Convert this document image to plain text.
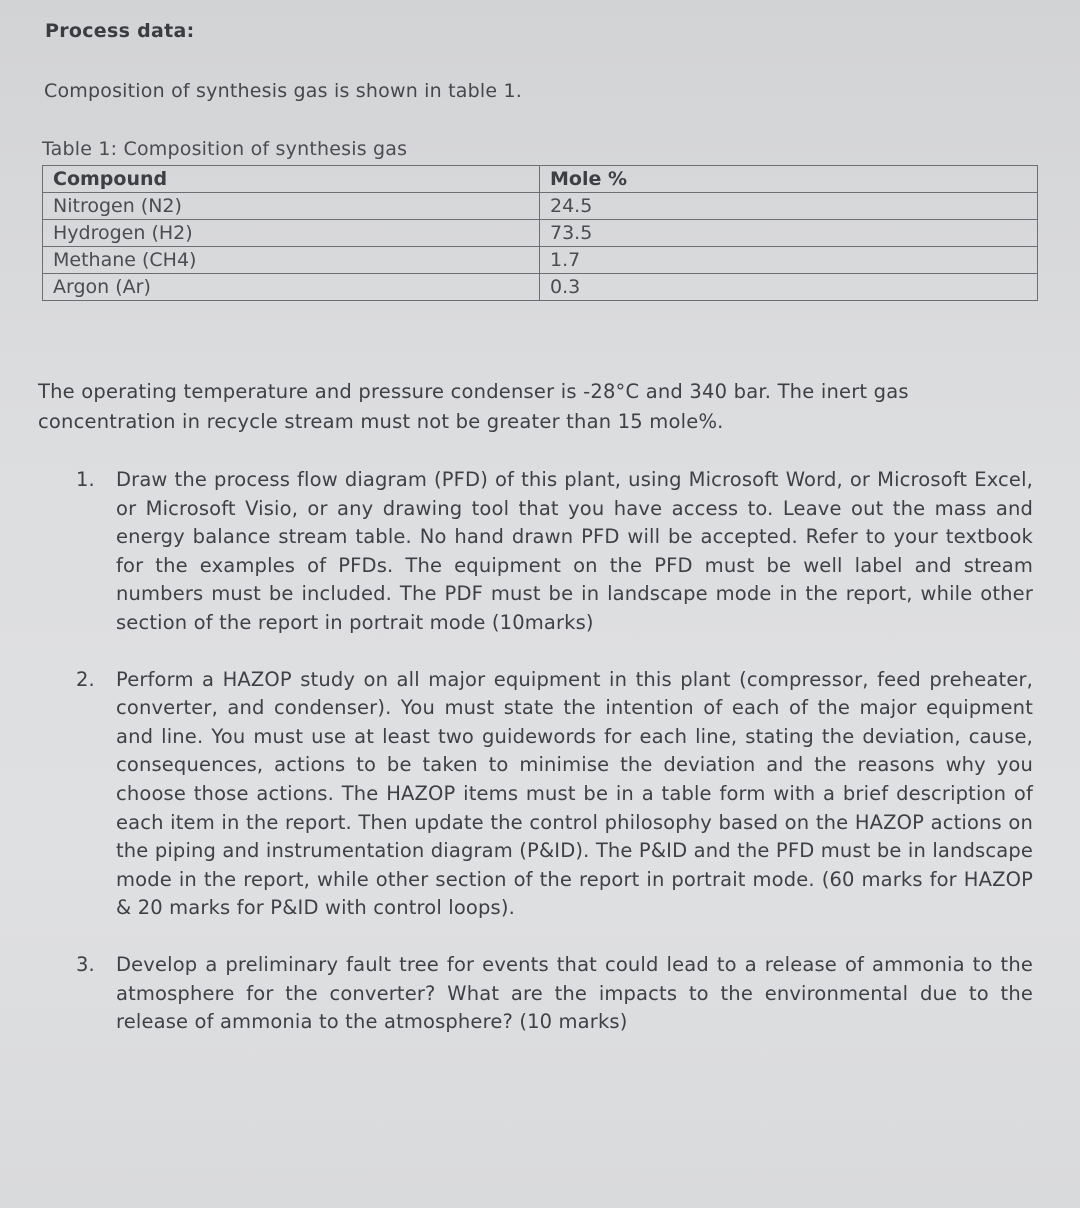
Process data:
Composition of synthesis gas is shown in table 1.
Table 1: Composition of synthesis gas
Compound	Mole %
Nitrogen (N2)	24.5
Hydrogen (H2)	73.5
Methane (CH4)	1.7
Argon (Ar)	0.3
The operating temperature and pressure condenser is -28°C and 340 bar. The inert gas concentration in recycle stream must not be greater than 15 mole%.
1. Draw the process flow diagram (PFD) of this plant, using Microsoft Word, or Microsoft Excel, or Microsoft Visio, or any drawing tool that you have access to. Leave out the mass and energy balance stream table. No hand drawn PFD will be accepted. Refer to your textbook for the examples of PFDs. The equipment on the PFD must be well label and stream numbers must be included. The PDF must be in landscape mode in the report, while other section of the report in portrait mode (10marks)
2. Perform a HAZOP study on all major equipment in this plant (compressor, feed preheater, converter, and condenser). You must state the intention of each of the major equipment and line. You must use at least two guidewords for each line, stating the deviation, cause, consequences, actions to be taken to minimise the deviation and the reasons why you choose those actions. The HAZOP items must be in a table form with a brief description of each item in the report. Then update the control philosophy based on the HAZOP actions on the piping and instrumentation diagram (P&ID). The P&ID and the PFD must be in landscape mode in the report, while other section of the report in portrait mode. (60 marks for HAZOP & 20 marks for P&ID with control loops).
3. Develop a preliminary fault tree for events that could lead to a release of ammonia to the atmosphere for the converter? What are the impacts to the environmental due to the release of ammonia to the atmosphere? (10 marks)
